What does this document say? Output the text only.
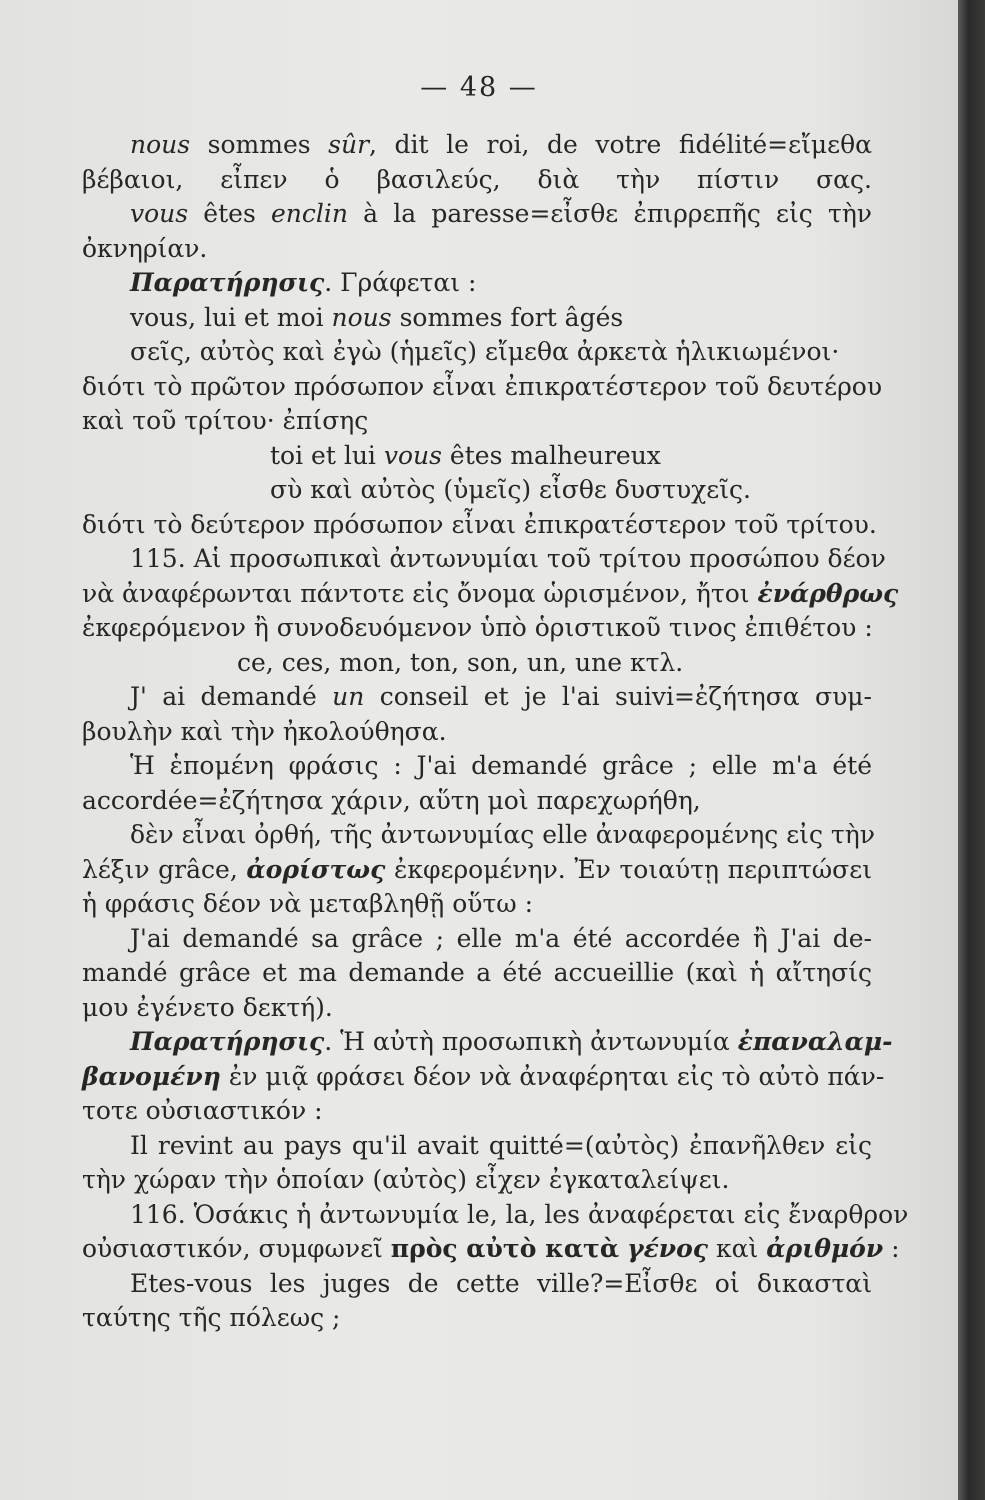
— 48 —
nous sommes sûr, dit le roi, de votre fidélité=εἴμεθα
βέβαιοι, εἶπεν ὁ βασιλεύς, διὰ τὴν πίστιν σας.
vous êtes enclin à la paresse=εἶσθε ἐπιρρεπῆς εἰς τὴν
ὀκνηρίαν.
Παρατήρησις. Γράφεται :
vous, lui et moi nous sommes fort âgés
σεῖς, αὐτὸς καὶ ἐγὼ (ἡμεῖς) εἴμεθα ἀρκετὰ ἡλικιωμένοι·
διότι τὸ πρῶτον πρόσωπον εἶναι ἐπικρατέστερον τοῦ δευτέρου
καὶ τοῦ τρίτου· ἐπίσης
toi et lui vous êtes malheureux
σὺ καὶ αὐτὸς (ὑμεῖς) εἶσθε δυστυχεῖς.
διότι τὸ δεύτερον πρόσωπον εἶναι ἐπικρατέστερον τοῦ τρίτου.
115. Αἱ προσωπικαὶ ἀντωνυμίαι τοῦ τρίτου προσώπου δέον
νὰ ἀναφέρωνται πάντοτε εἰς ὄνομα ὡρισμένον, ἤτοι ἐνάρθρως
ἐκφερόμενον ἢ συνοδευόμενον ὑπὸ ὁριστικοῦ τινος ἐπιθέτου :
ce, ces, mon, ton, son, un, une κτλ.
J' ai demandé un conseil et je l'ai suivi=ἐζήτησα συμ-
βουλὴν καὶ τὴν ἠκολούθησα.
Ἡ ἑπομένη φράσις : J'ai demandé grâce ; elle m'a été
accordée=ἐζήτησα χάριν, αὕτη μοὶ παρεχωρήθη,
δὲν εἶναι ὀρθή, τῆς ἀντωνυμίας elle ἀναφερομένης εἰς τὴν
λέξιν grâce, ἀορίστως ἐκφερομένην. Ἐν τοιαύτῃ περιπτώσει
ἡ φράσις δέον νὰ μεταβληθῇ οὕτω :
J'ai demandé sa grâce ; elle m'a été accordée ἢ J'ai de-
mandé grâce et ma demande a été accueillie (καὶ ἡ αἴτησίς
μου ἐγένετο δεκτή).
Παρατήρησις. Ἡ αὐτὴ προσωπικὴ ἀντωνυμία ἐπαναλαμ-
βανομένη ἐν μιᾷ φράσει δέον νὰ ἀναφέρηται εἰς τὸ αὐτὸ πάν-
τοτε οὐσιαστικόν :
Il revint au pays qu'il avait quitté=(αὐτὸς) ἐπανῆλθεν εἰς
τὴν χώραν τὴν ὁποίαν (αὐτὸς) εἶχεν ἐγκαταλείψει.
116. Ὁσάκις ἡ ἀντωνυμία le, la, les ἀναφέρεται εἰς ἔναρθρον
οὐσιαστικόν, συμφωνεῖ πρὸς αὐτὸ κατὰ γένος καὶ ἀριθμόν :
Etes-vous les juges de cette ville?=Εἶσθε οἱ δικασταὶ
ταύτης τῆς πόλεως ;
